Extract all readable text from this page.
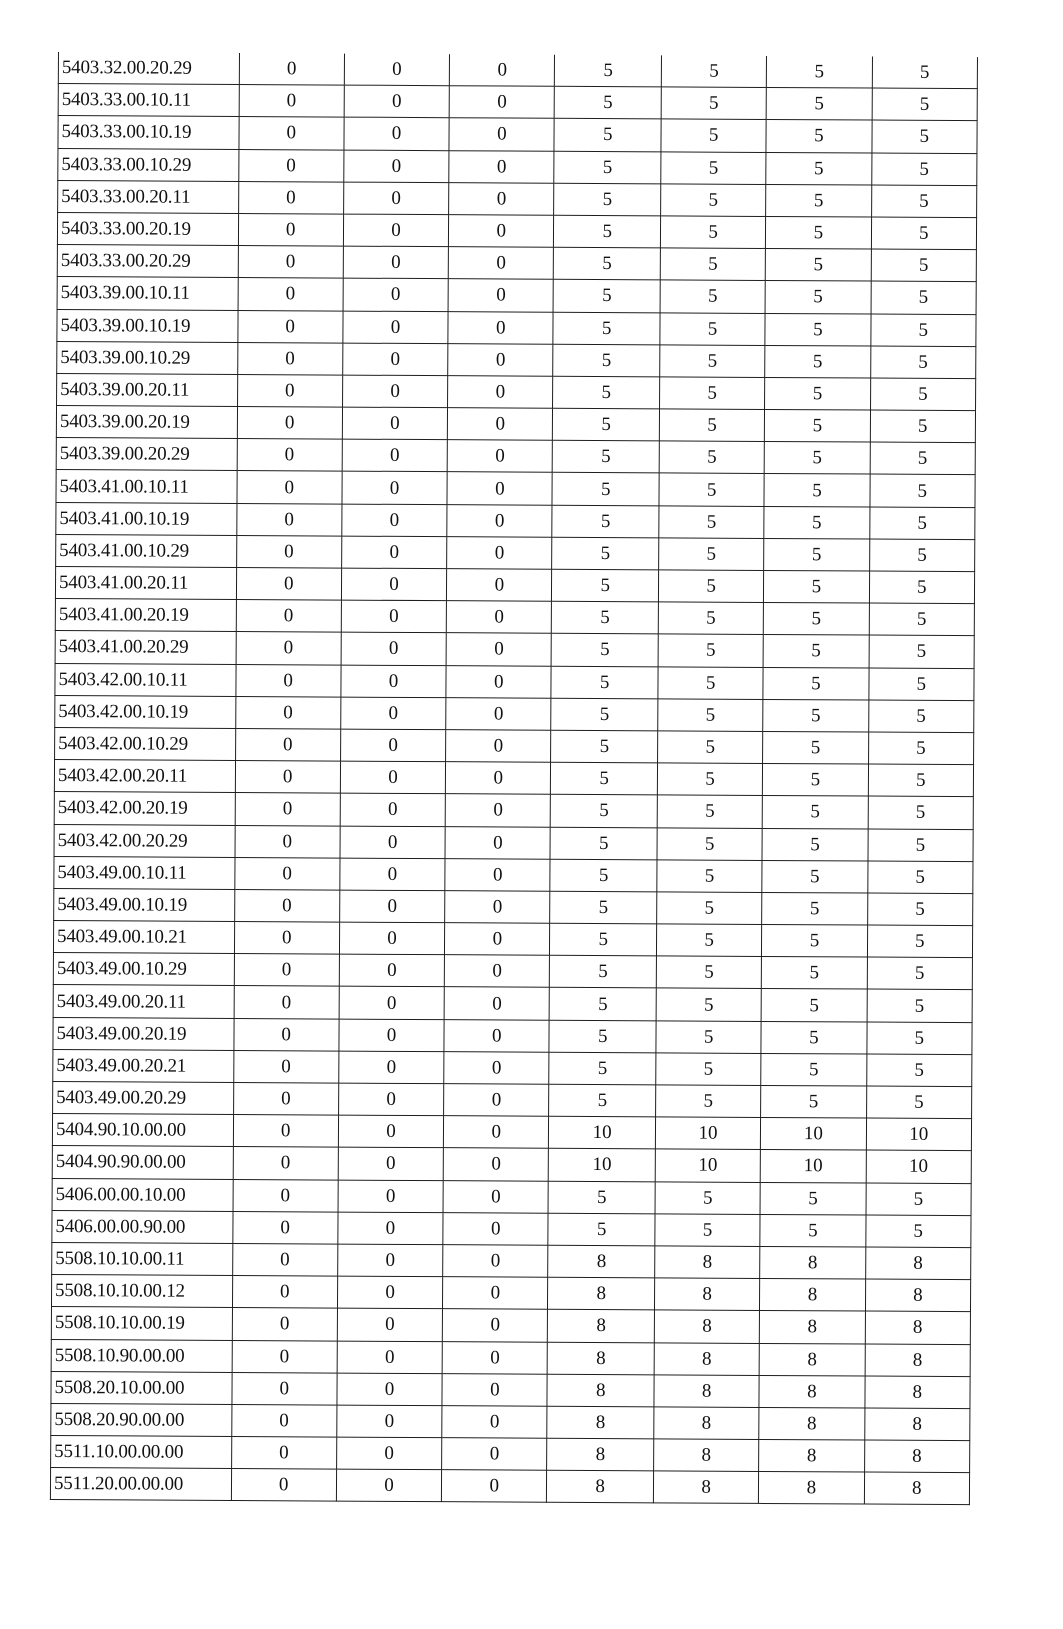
5403.32.00.20.29	0	0	0	5	5	5	5
5403.33.00.10.11	0	0	0	5	5	5	5
5403.33.00.10.19	0	0	0	5	5	5	5
5403.33.00.10.29	0	0	0	5	5	5	5
5403.33.00.20.11	0	0	0	5	5	5	5
5403.33.00.20.19	0	0	0	5	5	5	5
5403.33.00.20.29	0	0	0	5	5	5	5
5403.39.00.10.11	0	0	0	5	5	5	5
5403.39.00.10.19	0	0	0	5	5	5	5
5403.39.00.10.29	0	0	0	5	5	5	5
5403.39.00.20.11	0	0	0	5	5	5	5
5403.39.00.20.19	0	0	0	5	5	5	5
5403.39.00.20.29	0	0	0	5	5	5	5
5403.41.00.10.11	0	0	0	5	5	5	5
5403.41.00.10.19	0	0	0	5	5	5	5
5403.41.00.10.29	0	0	0	5	5	5	5
5403.41.00.20.11	0	0	0	5	5	5	5
5403.41.00.20.19	0	0	0	5	5	5	5
5403.41.00.20.29	0	0	0	5	5	5	5
5403.42.00.10.11	0	0	0	5	5	5	5
5403.42.00.10.19	0	0	0	5	5	5	5
5403.42.00.10.29	0	0	0	5	5	5	5
5403.42.00.20.11	0	0	0	5	5	5	5
5403.42.00.20.19	0	0	0	5	5	5	5
5403.42.00.20.29	0	0	0	5	5	5	5
5403.49.00.10.11	0	0	0	5	5	5	5
5403.49.00.10.19	0	0	0	5	5	5	5
5403.49.00.10.21	0	0	0	5	5	5	5
5403.49.00.10.29	0	0	0	5	5	5	5
5403.49.00.20.11	0	0	0	5	5	5	5
5403.49.00.20.19	0	0	0	5	5	5	5
5403.49.00.20.21	0	0	0	5	5	5	5
5403.49.00.20.29	0	0	0	5	5	5	5
5404.90.10.00.00	0	0	0	10	10	10	10
5404.90.90.00.00	0	0	0	10	10	10	10
5406.00.00.10.00	0	0	0	5	5	5	5
5406.00.00.90.00	0	0	0	5	5	5	5
5508.10.10.00.11	0	0	0	8	8	8	8
5508.10.10.00.12	0	0	0	8	8	8	8
5508.10.10.00.19	0	0	0	8	8	8	8
5508.10.90.00.00	0	0	0	8	8	8	8
5508.20.10.00.00	0	0	0	8	8	8	8
5508.20.90.00.00	0	0	0	8	8	8	8
5511.10.00.00.00	0	0	0	8	8	8	8
5511.20.00.00.00	0	0	0	8	8	8	8
